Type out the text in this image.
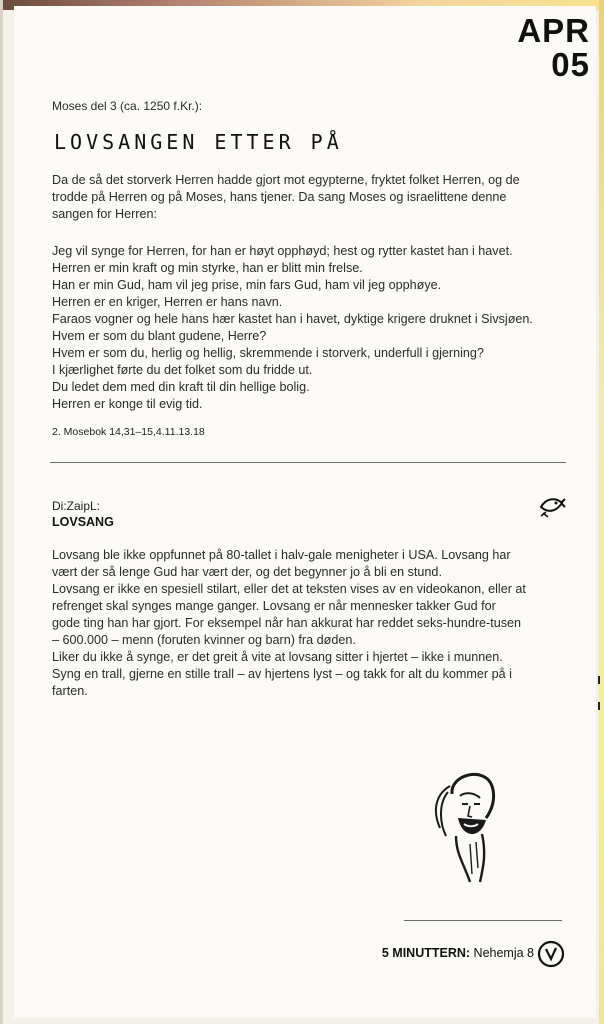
APR
05
Moses del 3 (ca. 1250 f.Kr.):
LOVSANGEN ETTER PÅ
Da de så det storverk Herren hadde gjort mot egypterne, fryktet folket Herren, og de trodde på Herren og på Moses, hans tjener. Da sang Moses og israelittene denne sangen for Herren:
Jeg vil synge for Herren, for han er høyt opphøyd; hest og rytter kastet han i havet.
Herren er min kraft og min styrke, han er blitt min frelse.
Han er min Gud, ham vil jeg prise, min fars Gud, ham vil jeg opphøye.
Herren er en kriger, Herren er hans navn.
Faraos vogner og hele hans hær kastet han i havet, dyktige krigere druknet i Sivsjøen.
Hvem er som du blant gudene, Herre?
Hvem er som du, herlig og hellig, skremmende i storverk, underfull i gjerning?
I kjærlighet førte du det folket som du fridde ut.
Du ledet dem med din kraft til din hellige bolig.
Herren er konge til evig tid.
2. Mosebok 14,31–15,4.11.13.18
Di:ZaipL:
LOVSANG

Lovsang ble ikke oppfunnet på 80-tallet i halv-gale menigheter i USA. Lovsang har vært der så lenge Gud har vært der, og det begynner jo å bli en stund.

Lovsang er ikke en spesiell stilart, eller det at teksten vises av en videokanon, eller at refrenget skal synges mange ganger. Lovsang er når mennesker takker Gud for gode ting han har gjort. For eksempel når han akkurat har reddet seks-hundre-tusen – 600.000 – menn (foruten kvinner og barn) fra døden.

Liker du ikke å synge, er det greit å vite at lovsang sitter i hjertet – ikke i munnen. Syng en trall, gjerne en stille trall – av hjertens lyst – og takk for alt du kommer på i farten.

5 MINUTTERN: Nehemja 8
